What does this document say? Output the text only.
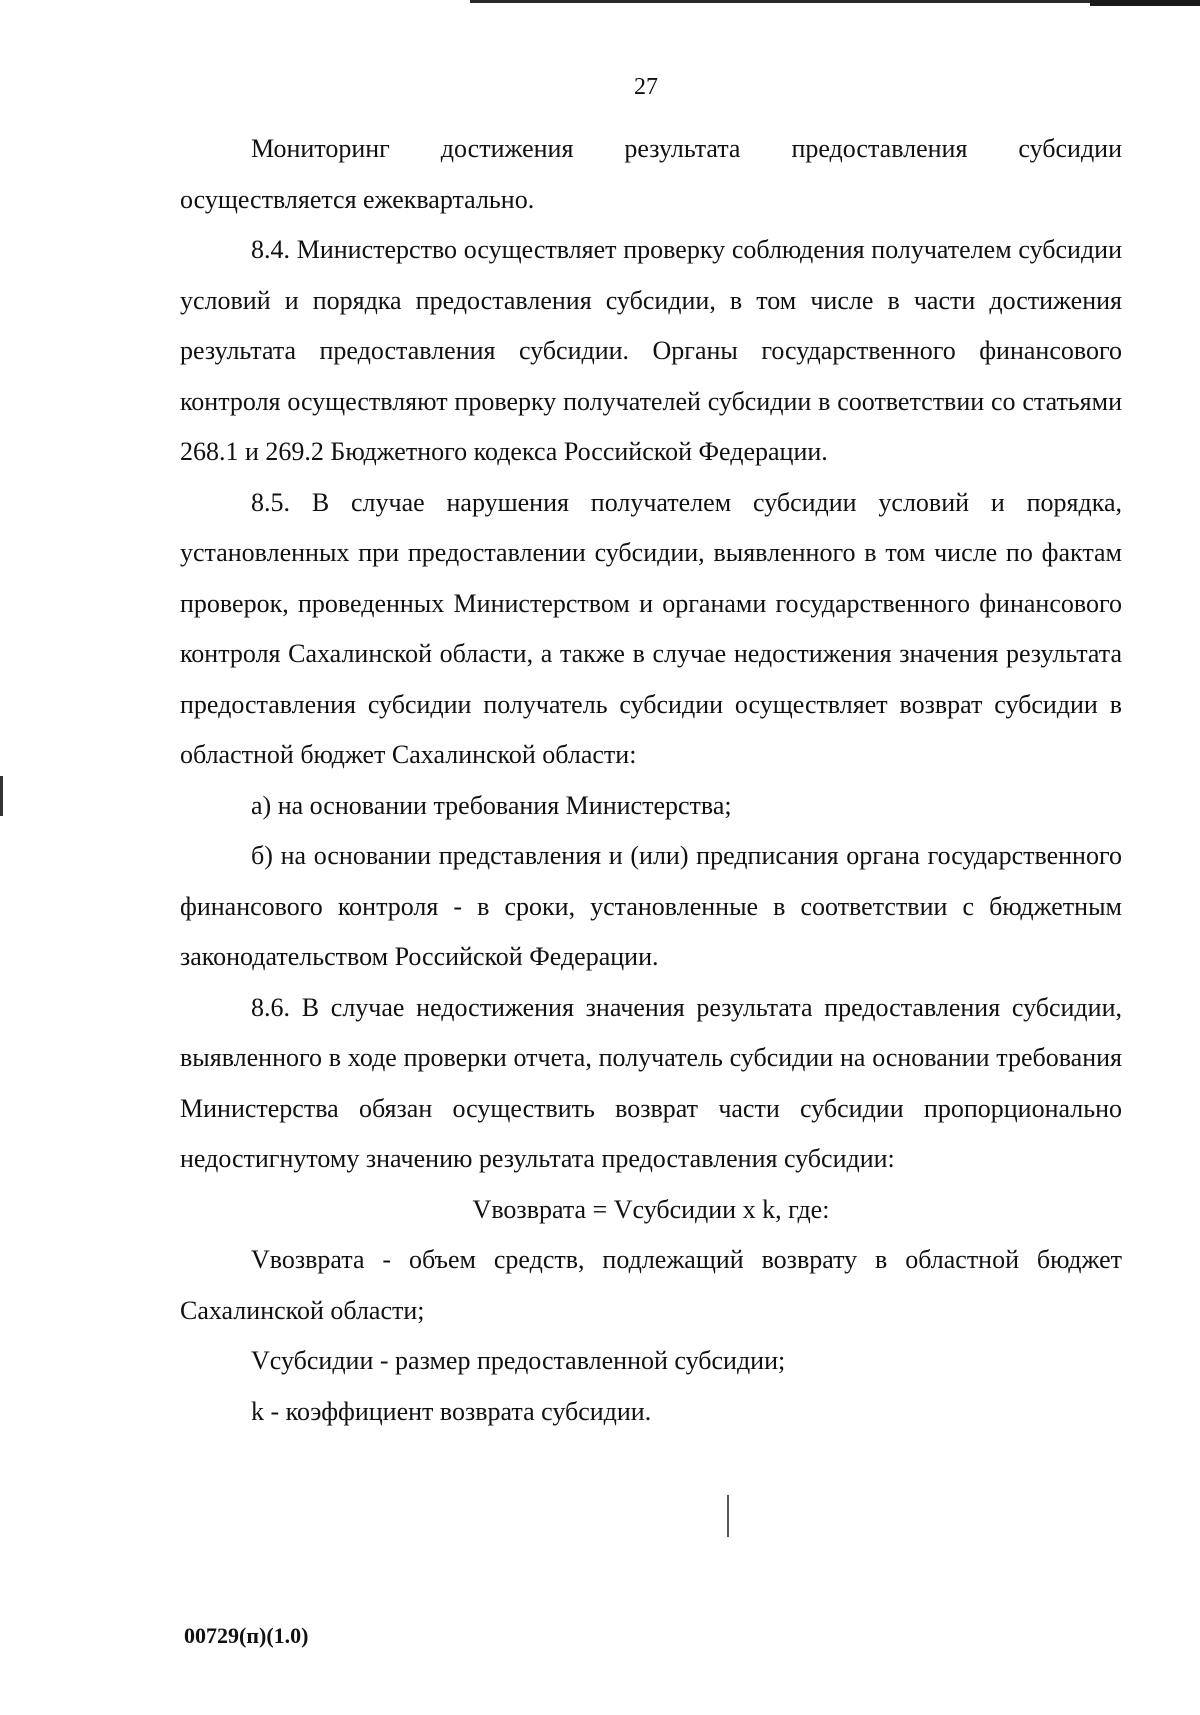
27

Мониторинг достижения результата предоставления субсидии осуществляется ежеквартально.

8.4. Министерство осуществляет проверку соблюдения получателем субсидии условий и порядка предоставления субсидии, в том числе в части достижения результата предоставления субсидии. Органы государственного финансового контроля осуществляют проверку получателей субсидии в соответствии со статьями 268.1 и 269.2 Бюджетного кодекса Российской Федерации.

8.5. В случае нарушения получателем субсидии условий и порядка, установленных при предоставлении субсидии, выявленного в том числе по фактам проверок, проведенных Министерством и органами государственного финансового контроля Сахалинской области, а также в случае недостижения значения результата предоставления субсидии получатель субсидии осуществляет возврат субсидии в областной бюджет Сахалинской области:

а) на основании требования Министерства;

б) на основании представления и (или) предписания органа государственного финансового контроля - в сроки, установленные в соответствии с бюджетным законодательством Российской Федерации.

8.6. В случае недостижения значения результата предоставления субсидии, выявленного в ходе проверки отчета, получатель субсидии на основании требования Министерства обязан осуществить возврат части субсидии пропорционально недостигнутому значению результата предоставления субсидии:

Vвозврата = Vсубсидии x k, где:

Vвозврата - объем средств, подлежащий возврату в областной бюджет Сахалинской области;

Vсубсидии - размер предоставленной субсидии;

k - коэффициент возврата субсидии.

00729(п)(1.0)
